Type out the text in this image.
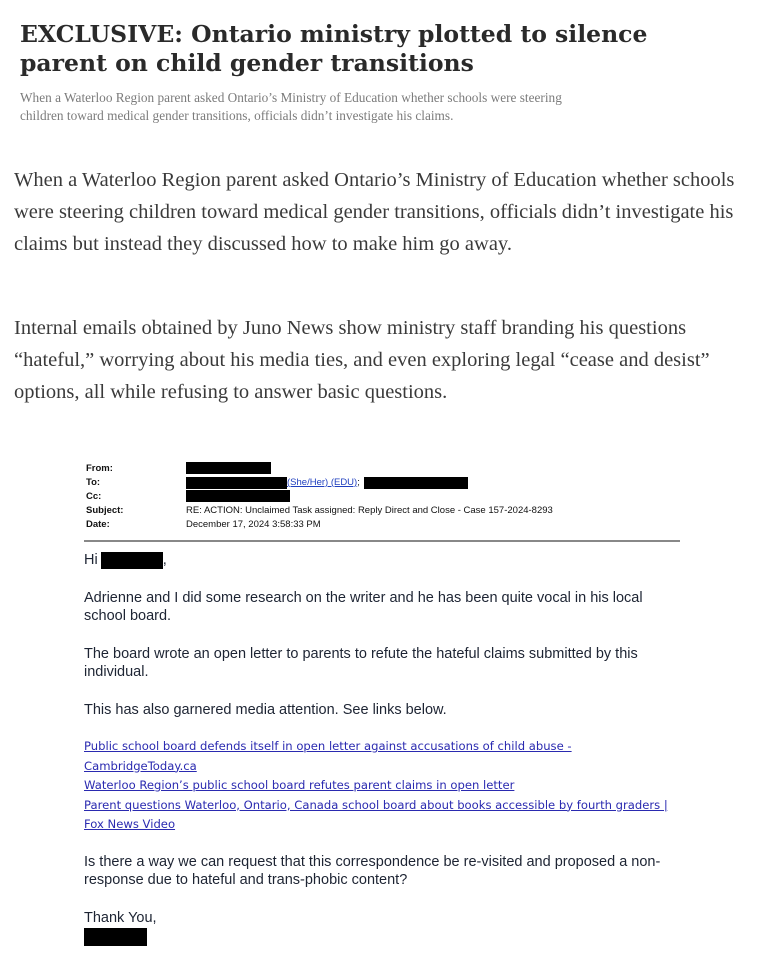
EXCLUSIVE: Ontario ministry plotted to silence parent on child gender transitions

When a Waterloo Region parent asked Ontario’s Ministry of Education whether schools were steering children toward medical gender transitions, officials didn’t investigate his claims.

When a Waterloo Region parent asked Ontario’s Ministry of Education whether schools were steering children toward medical gender transitions, officials didn’t investigate his claims but instead they discussed how to make him go away.

Internal emails obtained by Juno News show ministry staff branding his questions “hateful,” worrying about his media ties, and even exploring legal “cease and desist” options, all while refusing to answer basic questions.

From:
To:	(She/Her) (EDU) ;
Cc:
Subject:	RE: ACTION: Unclaimed Task assigned: Reply Direct and Close - Case 157-2024-8293
Date:	December 17, 2024 3:58:33 PM

Hi	,

Adrienne and I did some research on the writer and he has been quite vocal in his local school board.

The board wrote an open letter to parents to refute the hateful claims submitted by this individual.

This has also garnered media attention. See links below.

Public school board defends itself in open letter against accusations of child abuse - CambridgeToday.ca
Waterloo Region’s public school board refutes parent claims in open letter
Parent questions Waterloo, Ontario, Canada school board about books accessible by fourth graders | Fox News Video

Is there a way we can request that this correspondence be re-visited and proposed a non-response due to hateful and trans-phobic content?

Thank You,
